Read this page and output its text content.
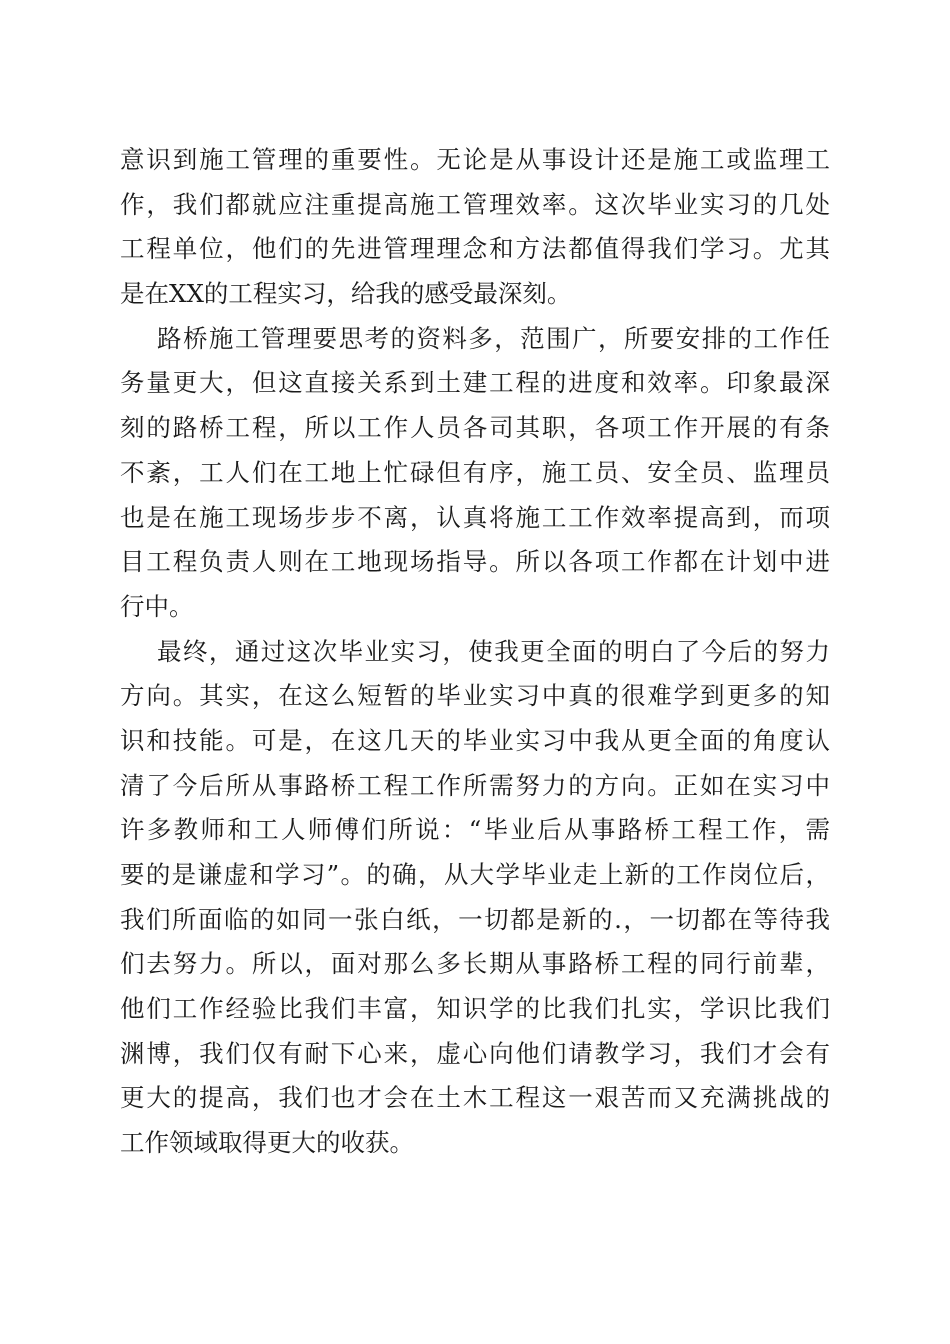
意识到施工管理的重要性。无论是从事设计还是施工或监理工
作，我们都就应注重提高施工管理效率。这次毕业实习的几处
工程单位，他们的先进管理理念和方法都值得我们学习。尤其
是在XX的工程实习，给我的感受最深刻。
路桥施工管理要思考的资料多，范围广，所要安排的工作任
务量更大，但这直接关系到土建工程的进度和效率。印象最深
刻的路桥工程，所以工作人员各司其职，各项工作开展的有条
不紊，工人们在工地上忙碌但有序，施工员、安全员、监理员
也是在施工现场步步不离，认真将施工工作效率提高到，而项
目工程负责人则在工地现场指导。所以各项工作都在计划中进
行中。
最终，通过这次毕业实习，使我更全面的明白了今后的努力
方向。其实，在这么短暂的毕业实习中真的很难学到更多的知
识和技能。可是，在这几天的毕业实习中我从更全面的角度认
清了今后所从事路桥工程工作所需努力的方向。正如在实习中
许多教师和工人师傅们所说：“毕业后从事路桥工程工作，需
要的是谦虚和学习”。的确，从大学毕业走上新的工作岗位后，
我们所面临的如同一张白纸，一切都是新的.，一切都在等待我
们去努力。所以，面对那么多长期从事路桥工程的同行前辈，
他们工作经验比我们丰富，知识学的比我们扎实，学识比我们
渊博，我们仅有耐下心来，虚心向他们请教学习，我们才会有
更大的提高，我们也才会在土木工程这一艰苦而又充满挑战的
工作领域取得更大的收获。
